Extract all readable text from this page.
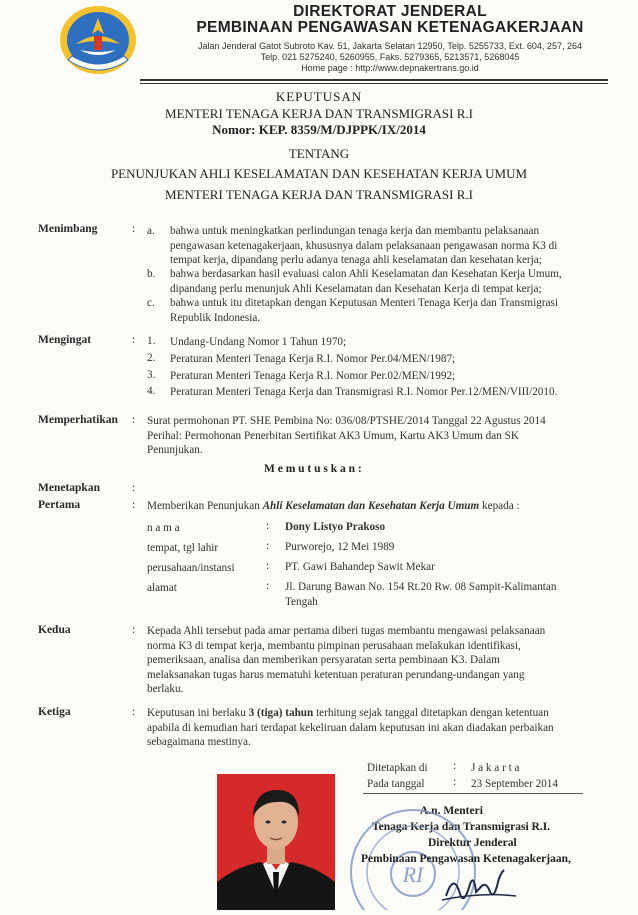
DIREKTORAT JENDERAL
PEMBINAAN PENGAWASAN KETENAGAKERJAAN
Jalan Jenderal Gatot Subroto Kav. 51, Jakarta Selatan 12950, Telp. 5255733, Ext. 604, 257, 264
Telp. 021 5275240, 5260955, Faks. 5279365, 5213571, 5268045
Home page : http://www.depnakertrans.go.id
KEPUTUSAN
MENTERI TENAGA KERJA DAN TRANSMIGRASI R.I
Nomor: KEP. 8359/M/DJPPK/IX/2014
TENTANG
PENUNJUKAN AHLI KESELAMATAN DAN KESEHATAN KERJA UMUM
MENTERI TENAGA KERJA DAN TRANSMIGRASI R.I
Menimbang	: a. bahwa untuk meningkatkan perlindungan tenaga kerja dan membantu pelaksanaan
pengawasan ketenagakerjaan, khususnya dalam pelaksanaan pengawasan norma K3 di
tempat kerja, dipandang perlu adanya tenaga ahli keselamatan dan kesehatan kerja;
b. bahwa berdasarkan hasil evaluasi calon Ahli Keselamatan dan Kesehatan Kerja Umum,
dipandang perlu menunjuk Ahli Keselamatan dan Kesehatan Kerja di tempat kerja;
c. bahwa untuk itu ditetapkan dengan Keputusan Menteri Tenaga Kerja dan Transmigrasi
Republik Indonesia.
Mengingat	: 1. Undang-Undang Nomor 1 Tahun 1970;
2. Peraturan Menteri Tenaga Kerja R.I. Nomor Per.04/MEN/1987;
3. Peraturan Menteri Tenaga Kerja R.I. Nomor Per.02/MEN/1992;
4. Peraturan Menteri Tenaga Kerja dan Transmigrasi R.I. Nomor Per.12/MEN/VIII/2010.
Memperhatikan : Surat permohonan PT. SHE Pembina No: 036/08/PTSHE/2014 Tanggal 22 Agustus 2014
Perihal: Permohonan Penerbitan Sertifikat AK3 Umum, Kartu AK3 Umum dan SK
Penunjukan.
M e m u t u s k a n :
Menetapkan	:
Pertama	: Memberikan Penunjukan Ahli Keselamatan dan Kesehatan Kerja Umum kepada :
n a m a	: Dony Listyo Prakoso
tempat, tgl lahir	: Purworejo, 12 Mei 1989
perusahaan/instansi	: PT. Gawi Bahandep Sawit Mekar
alamat	: Jl. Darung Bawan No. 154 Rt.20 Rw. 08 Sampit-Kalimantan
Tengah
Kedua	: Kepada Ahli tersebut pada amar pertama diberi tugas membantu mengawasi pelaksanaan
norma K3 di tempat kerja, membantu pimpinan perusahaan melakukan identifikasi,
pemeriksaan, analisa dan memberikan persyaratan serta pembinaan K3. Dalam
melaksanakan tugas harus mematuhi ketentuan peraturan perundang-undangan yang
berlaku.
Ketiga	: Keputusan ini berlaku 3 (tiga) tahun terhitung sejak tanggal ditetapkan dengan ketentuan
apabila di kemudian hari terdapat kekeliruan dalam keputusan ini akan diadakan perbaikan
sebagaimana mestinya.
Ditetapkan di : J a k a r t a
Pada tanggal : 23 September 2014
A.n. Menteri
Tenaga Kerja dan Transmigrasi R.I.
RI
Direktur Jenderal
Pembinaan Pengawasan Ketenagakerjaan,
